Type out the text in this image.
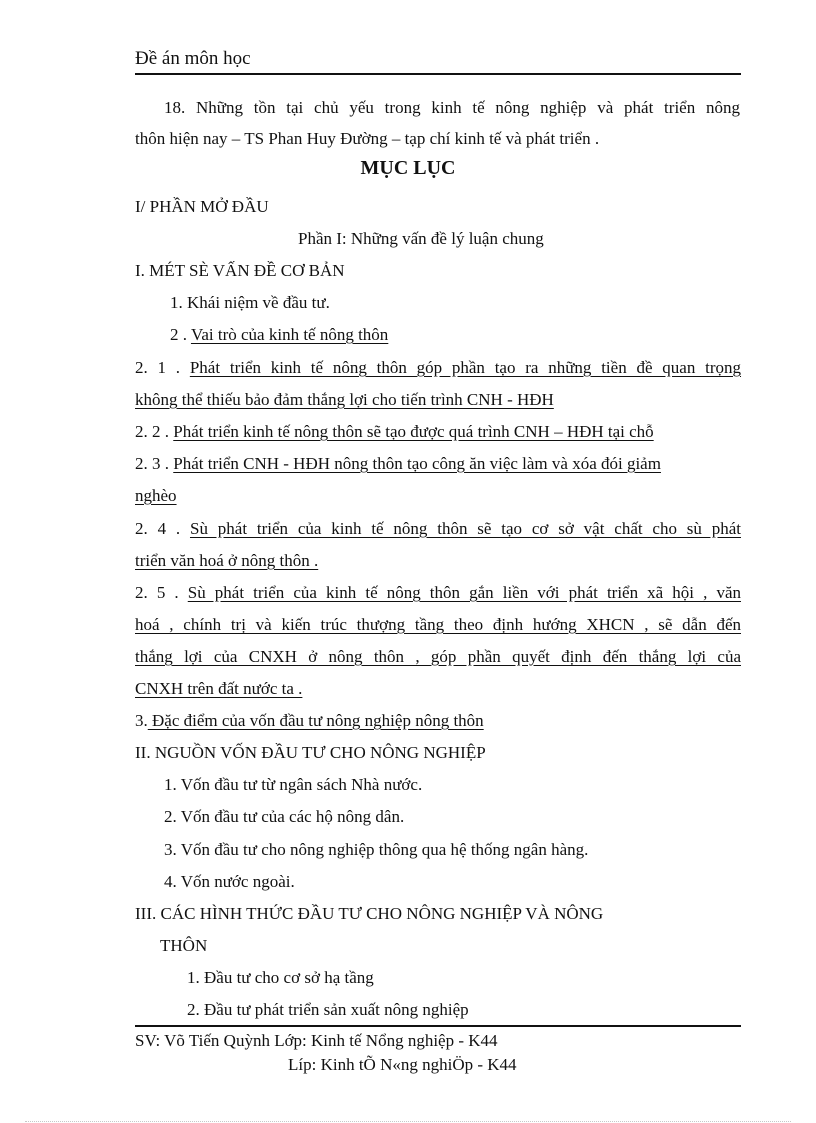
Đề án môn học
18. Những tồn tại chủ yếu trong kinh tế nông nghiệp và phát triển nông
thôn hiện nay – TS Phan Huy Đường – tạp chí kinh tế và phát triển .
MỤC LỤC
I/ PHẦN MỞ ĐẦU
Phần I: Những vấn đề lý luận chung
I. MÉT SÈ VẤN ĐỀ CƠ BẢN
1. Khái niệm về đầu tư.
2 . Vai trò của kinh tế nông thôn
2. 1 . Phát triển kinh tế nông thôn góp phần tạo ra những tiền đề quan trọng
không thể thiếu bảo đảm thắng lợi cho tiến trình CNH - HĐH
2. 2 . Phát triển kinh tế nông thôn sẽ tạo được quá trình CNH – HĐH tại chỗ
2. 3 . Phát triển CNH - HĐH nông thôn tạo công ăn việc làm và xóa đói giảm
nghèo
2. 4 . Sù phát triển của kinh tế nông thôn sẽ tạo cơ sở vật chất cho sù phát
triển văn hoá ở nông thôn .
2. 5 . Sù phát triển của kinh tế nông thôn gắn liền với phát triển xã hội , văn
hoá , chính trị và kiến trúc thượng tầng theo định hướng XHCN , sẽ dẫn đến
thắng lợi của CNXH ở nông thôn , góp phần quyết định đến thắng lợi của
CNXH trên đất nước ta .
3. Đặc điểm của vốn đầu tư nông nghiệp nông thôn
II. NGUỒN VỐN ĐẦU TƯ CHO NÔNG NGHIỆP
1. Vốn đầu tư từ ngân sách Nhà nước.
2. Vốn đầu tư của các hộ nông dân.
3. Vốn đầu tư cho nông nghiệp thông qua hệ thống ngân hàng.
4. Vốn nước ngoài.
III. CÁC HÌNH THỨC ĐẦU TƯ CHO NÔNG NGHIỆP VÀ NÔNG
THÔN
1. Đầu tư cho cơ sở hạ tầng
2. Đầu tư phát triển sản xuất nông nghiệp
SV: Võ Tiến Quỳnh Lớp: Kinh tế Nổng nghiệp - K44
Líp: Kinh tÕ N«ng nghiÖp - K44
